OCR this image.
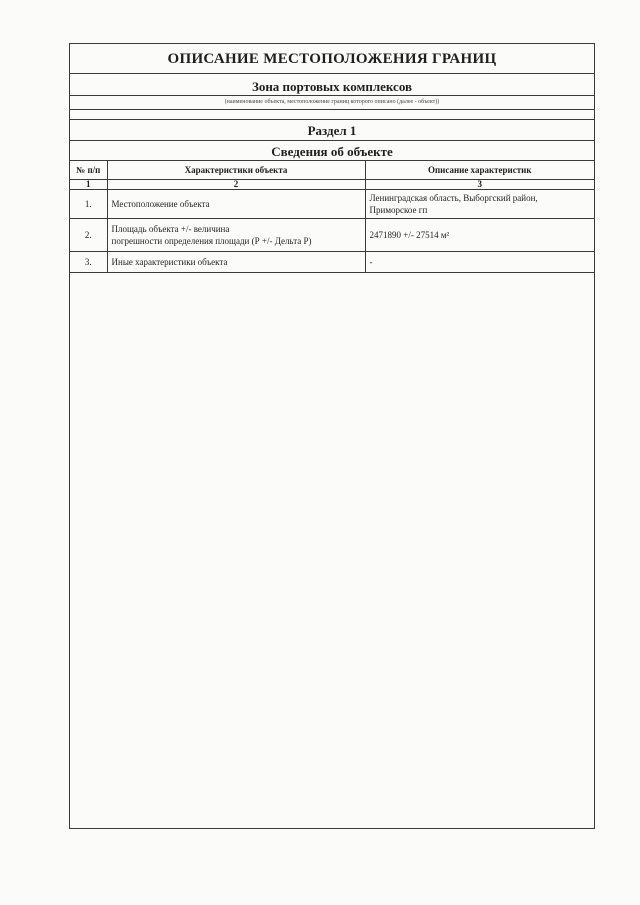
ОПИСАНИЕ МЕСТОПОЛОЖЕНИЯ ГРАНИЦ
Зона портовых комплексов
(наименование объекта, местоположение границ которого описано (далее - объект))
Раздел 1
Сведения об объекте
№ п/п	Характеристики объекта	Описание характеристик
1	2	3
1.	Местоположение объекта	Ленинградская область, Выборгский район,
Приморское гп

2.	Площадь объекта +/- величина
погрешности определения площади (Р +/- Дельта Р)	2471890 +/- 27514 м²
3.	Иные характеристики объекта	-
